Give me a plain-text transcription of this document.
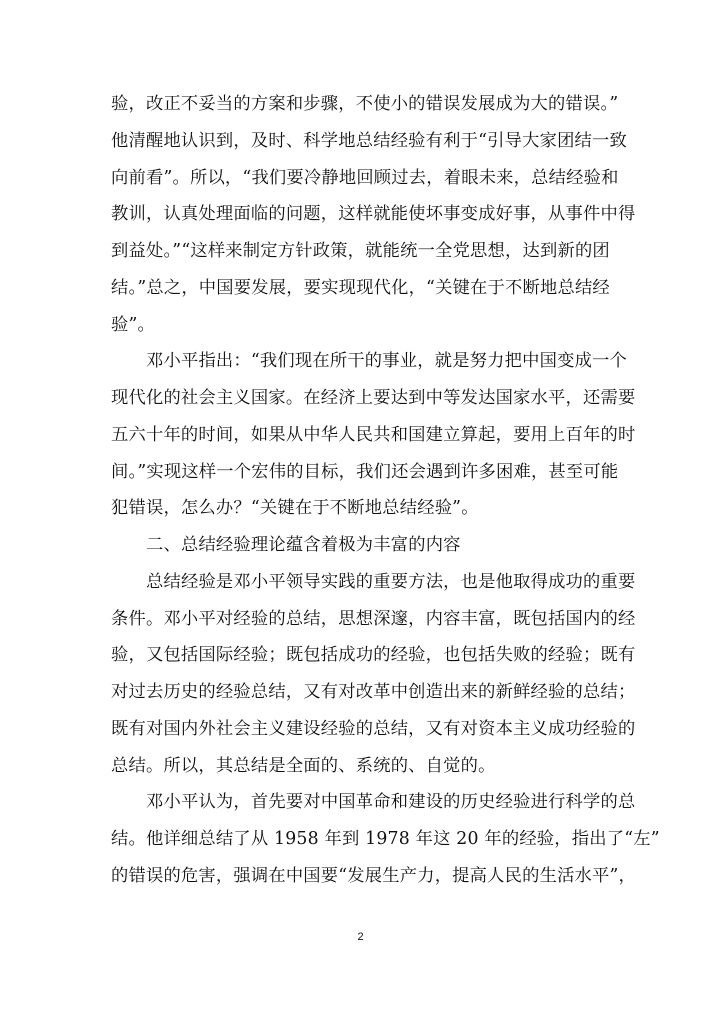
验，改正不妥当的方案和步骤，不使小的错误发展成为大的错误。”
他清醒地认识到，及时、科学地总结经验有利于“引导大家团结一致
向前看”。所以，“我们要冷静地回顾过去，着眼未来，总结经验和
教训，认真处理面临的问题，这样就能使坏事变成好事，从事件中得
到益处。”“这样来制定方针政策，就能统一全党思想，达到新的团
结。”总之，中国要发展，要实现现代化，“关键在于不断地总结经
验”。
邓小平指出：“我们现在所干的事业，就是努力把中国变成一个
现代化的社会主义国家。在经济上要达到中等发达国家水平，还需要
五六十年的时间，如果从中华人民共和国建立算起，要用上百年的时
间。”实现这样一个宏伟的目标，我们还会遇到许多困难，甚至可能
犯错误，怎么办？“关键在于不断地总结经验”。
二、总结经验理论蕴含着极为丰富的内容
总结经验是邓小平领导实践的重要方法，也是他取得成功的重要
条件。邓小平对经验的总结，思想深邃，内容丰富，既包括国内的经
验，又包括国际经验；既包括成功的经验，也包括失败的经验；既有
对过去历史的经验总结，又有对改革中创造出来的新鲜经验的总结；
既有对国内外社会主义建设经验的总结，又有对资本主义成功经验的
总结。所以，其总结是全面的、系统的、自觉的。
邓小平认为，首先要对中国革命和建设的历史经验进行科学的总
结。他详细总结了从 1958 年到 1978 年这 20 年的经验，指出了“左”
的错误的危害，强调在中国要“发展生产力，提高人民的生活水平”，
2
